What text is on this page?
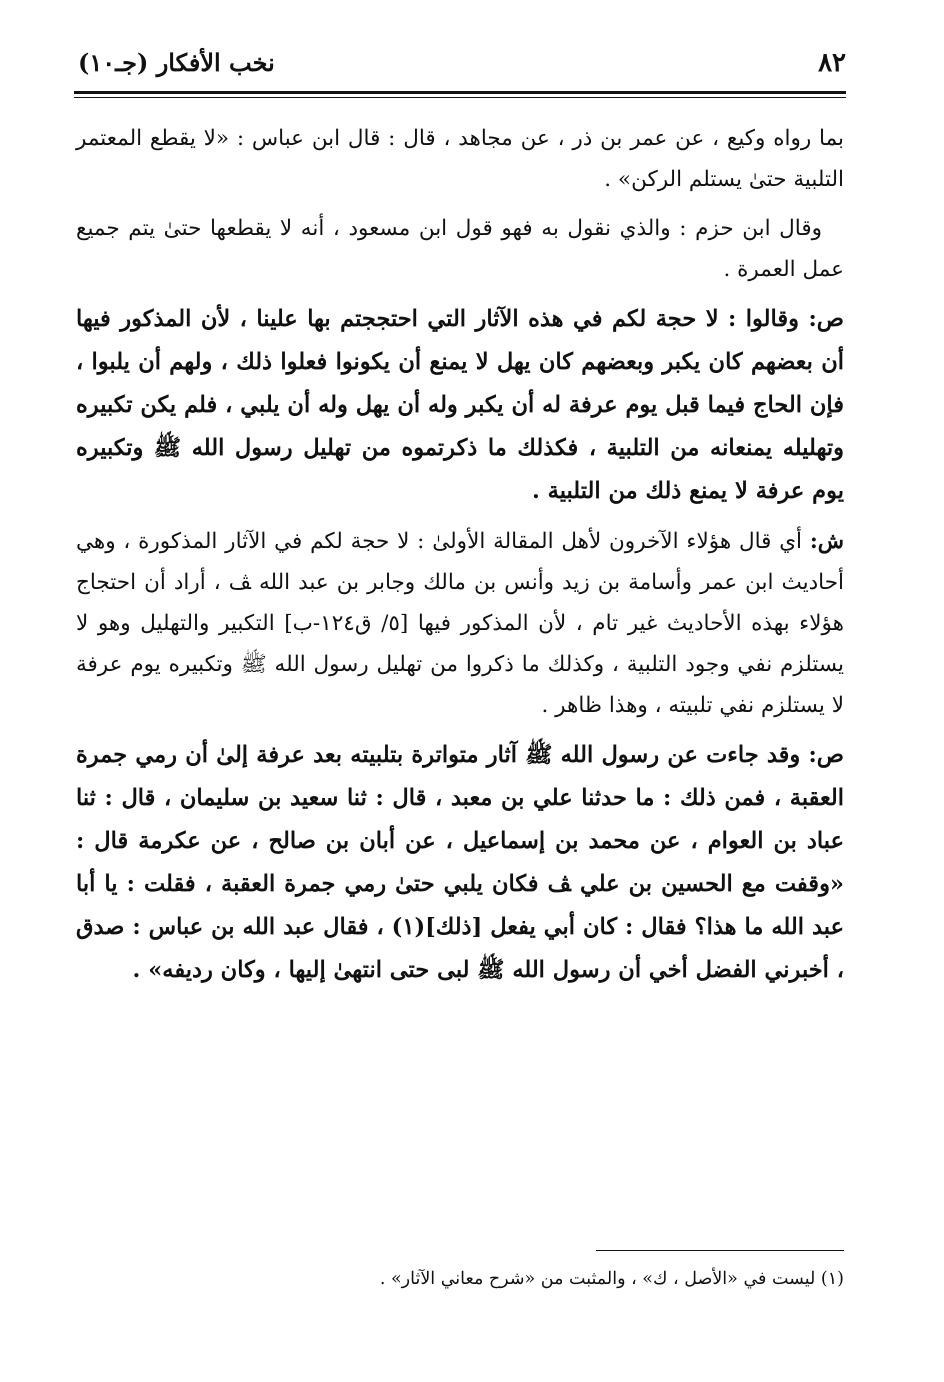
٨٢
نخب الأفكار (جـ١٠)

بما رواه وكيع ، عن عمر بن ذر ، عن مجاهد ، قال : قال ابن عباس : «لا يقطع المعتمر التلبية حتىٰ يستلم الركن» .

وقال ابن حزم : والذي نقول به فهو قول ابن مسعود ، أنه لا يقطعها حتىٰ يتم جميع عمل العمرة .

ص: وقالوا : لا حجة لكم في هذه الآثار التي احتججتم بها علينا ، لأن المذكور فيها أن بعضهم كان يكبر وبعضهم كان يهل لا يمنع أن يكونوا فعلوا ذلك ، ولهم أن يلبوا ، فإن الحاج فيما قبل يوم عرفة له أن يكبر وله أن يهل وله أن يلبي ، فلم يكن تكبيره وتهليله يمنعانه من التلبية ، فكذلك ما ذكرتموه من تهليل رسول الله ﷺ وتكبيره يوم عرفة لا يمنع ذلك من التلبية .

ش: أي قال هؤلاء الآخرون لأهل المقالة الأولىٰ : لا حجة لكم في الآثار المذكورة ، وهي أحاديث ابن عمر وأسامة بن زيد وأنس بن مالك وجابر بن عبد الله ﭫ ، أراد أن احتجاج هؤلاء بهذه الأحاديث غير تام ، لأن المذكور فيها [٥/ ق١٢٤-ب] التكبير والتهليل وهو لا يستلزم نفي وجود التلبية ، وكذلك ما ذكروا من تهليل رسول الله ﷺ وتكبيره يوم عرفة لا يستلزم نفي تلبيته ، وهذا ظاهر .

ص: وقد جاءت عن رسول الله ﷺ آثار متواترة بتلبيته بعد عرفة إلىٰ أن رمي جمرة العقبة ، فمن ذلك : ما حدثنا علي بن معبد ، قال : ثنا سعيد بن سليمان ، قال : ثنا عباد بن العوام ، عن محمد بن إسماعيل ، عن أبان بن صالح ، عن عكرمة قال : «وقفت مع الحسين بن علي ﭫ فكان يلبي حتىٰ رمي جمرة العقبة ، فقلت : يا أبا عبد الله ما هذا؟ فقال : كان أبي يفعل [ذلك](١) ، فقال عبد الله بن عباس : صدق ، أخبرني الفضل أخي أن رسول الله ﷺ لبى حتى انتهىٰ إليها ، وكان رديفه» .

(١) ليست في «الأصل ، ك» ، والمثبت من «شرح معاني الآثار» .
